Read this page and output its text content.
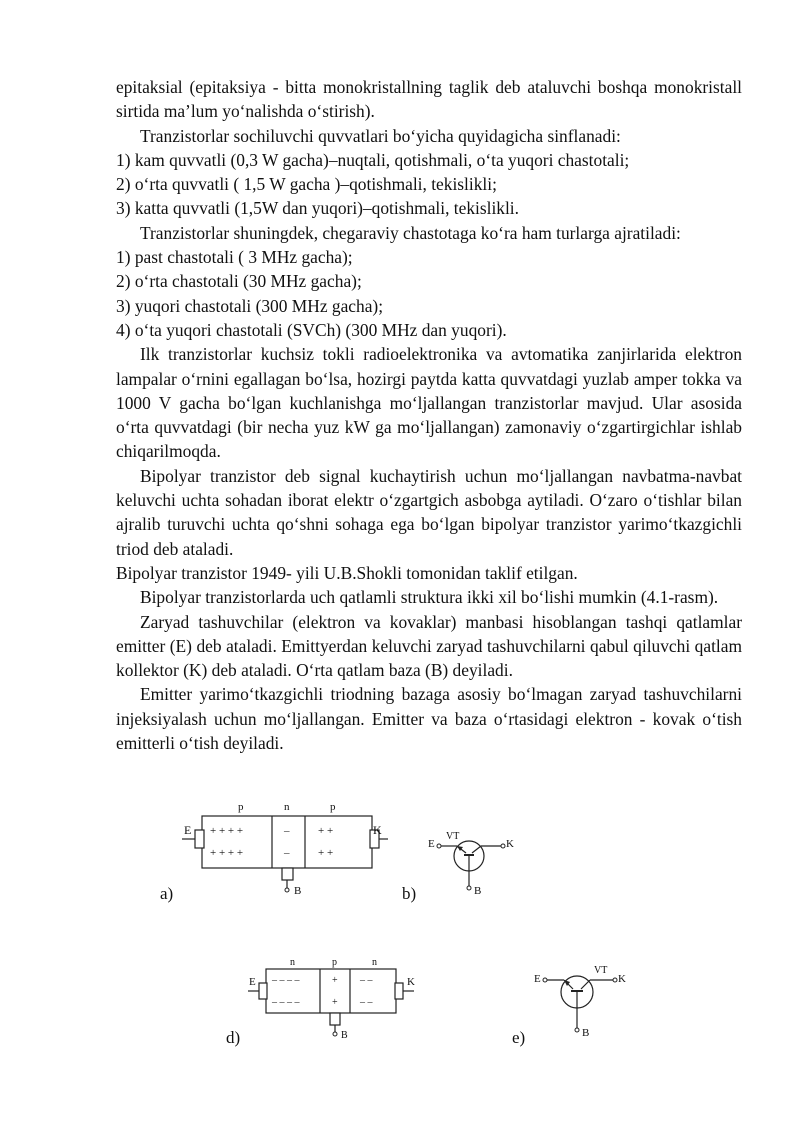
epitaksial (epitaksiya - bitta monokristallning taglik deb ataluvchi boshqa monokristall sirtida ma’lum yo‘nalishda o‘stirish).

Tranzistorlar sochiluvchi quvvatlari bo‘yicha quyidagicha sinflanadi:

1) kam quvvatli (0,3 W gacha)–nuqtali, qotishmali, o‘ta yuqori chastotali;

2) o‘rta quvvatli ( 1,5 W gacha )–qotishmali, tekislikli;

3) katta quvvatli (1,5W dan yuqori)–qotishmali, tekislikli.

Tranzistorlar shuningdek, chegaraviy chastotaga ko‘ra ham turlarga ajratiladi:

1) past chastotali ( 3 MHz gacha);

2) o‘rta chastotali (30 MHz gacha);

3) yuqori chastotali (300 MHz gacha);

4) o‘ta yuqori chastotali (SVCh) (300 MHz dan yuqori).

Ilk tranzistorlar kuchsiz tokli radioelektronika va avtomatika zanjirlarida elektron lampalar o‘rnini egallagan bo‘lsa, hozirgi paytda katta quvvatdagi yuzlab amper tokka va 1000 V gacha bo‘lgan kuchlanishga mo‘ljallangan tranzistorlar mavjud. Ular asosida o‘rta quvvatdagi (bir necha yuz kW ga mo‘ljallangan) zamonaviy o‘zgartirgichlar ishlab chiqarilmoqda.

Bipolyar tranzistor deb signal kuchaytirish uchun mo‘ljallangan navbatma-navbat keluvchi uchta sohadan iborat elektr o‘zgartgich asbobga aytiladi. O‘zaro o‘tishlar bilan ajralib turuvchi uchta qo‘shni sohaga ega bo‘lgan bipolyar tranzistor yarimo‘tkazgichli triod deb ataladi.

Bipolyar tranzistor 1949- yili U.B.Shokli tomonidan taklif etilgan.

Bipolyar tranzistorlarda uch qatlamli struktura ikki xil bo‘lishi mumkin (4.1-rasm).

Zaryad tashuvchilar (elektron va kovaklar) manbasi hisoblangan tashqi qatlamlar emitter (E) deb ataladi. Emittyerdan keluvchi zaryad tashuvchilarni qabul qiluvchi qatlam kollektor (K) deb ataladi. O‘rta qatlam baza (B) deyiladi.

Emitter yarimo‘tkazgichli triodning bazaga asosiy bo‘lmagan zaryad tashuvchilarni injeksiyalash uchun mo‘ljallangan. Emitter va baza o‘rtasidagi elektron - kovak o‘tish emitterli o‘tish deyiladi.

p	n	p
E	K
+ + + +
+ + + +
–
–
+ +
+ +
B
a)
VT
E	K
B
b)
n	p	n
E	K
– – – –
– – – –
+
+
– –
– –
B
d)
VT
E	K
B
e)
